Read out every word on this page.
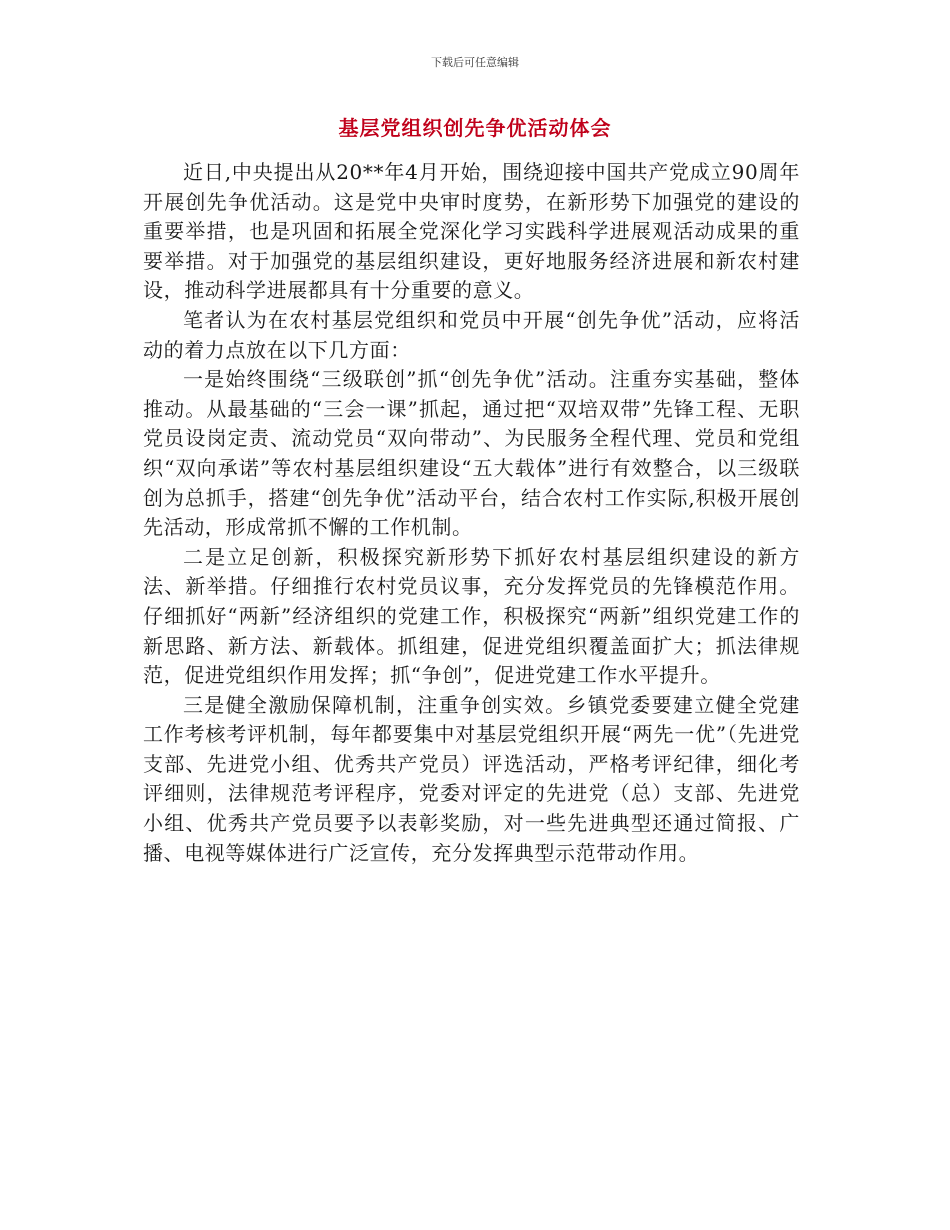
下载后可任意编辑
基层党组织创先争优活动体会

近日,中央提出从20**年4月开始，围绕迎接中国共产党成立90周年开展创先争优活动。这是党中央审时度势，在新形势下加强党的建设的重要举措，也是巩固和拓展全党深化学习实践科学进展观活动成果的重要举措。对于加强党的基层组织建设，更好地服务经济进展和新农村建设，推动科学进展都具有十分重要的意义。

笔者认为在农村基层党组织和党员中开展“创先争优”活动，应将活动的着力点放在以下几方面：

一是始终围绕“三级联创”抓“创先争优”活动。注重夯实基础，整体推动。从最基础的“三会一课”抓起，通过把“双培双带”先锋工程、无职党员设岗定责、流动党员“双向带动”、为民服务全程代理、党员和党组织“双向承诺”等农村基层组织建设“五大载体”进行有效整合，以三级联创为总抓手，搭建“创先争优”活动平台，结合农村工作实际,积极开展创先活动，形成常抓不懈的工作机制。

二是立足创新，积极探究新形势下抓好农村基层组织建设的新方法、新举措。仔细推行农村党员议事，充分发挥党员的先锋模范作用。仔细抓好“两新”经济组织的党建工作，积极探究“两新”组织党建工作的新思路、新方法、新载体。抓组建，促进党组织覆盖面扩大；抓法律规范，促进党组织作用发挥；抓“争创”，促进党建工作水平提升。

三是健全激励保障机制，注重争创实效。乡镇党委要建立健全党建工作考核考评机制，每年都要集中对基层党组织开展“两先一优”（先进党支部、先进党小组、优秀共产党员）评选活动，严格考评纪律，细化考评细则，法律规范考评程序，党委对评定的先进党（总）支部、先进党小组、优秀共产党员要予以表彰奖励，对一些先进典型还通过简报、广播、电视等媒体进行广泛宣传，充分发挥典型示范带动作用。
